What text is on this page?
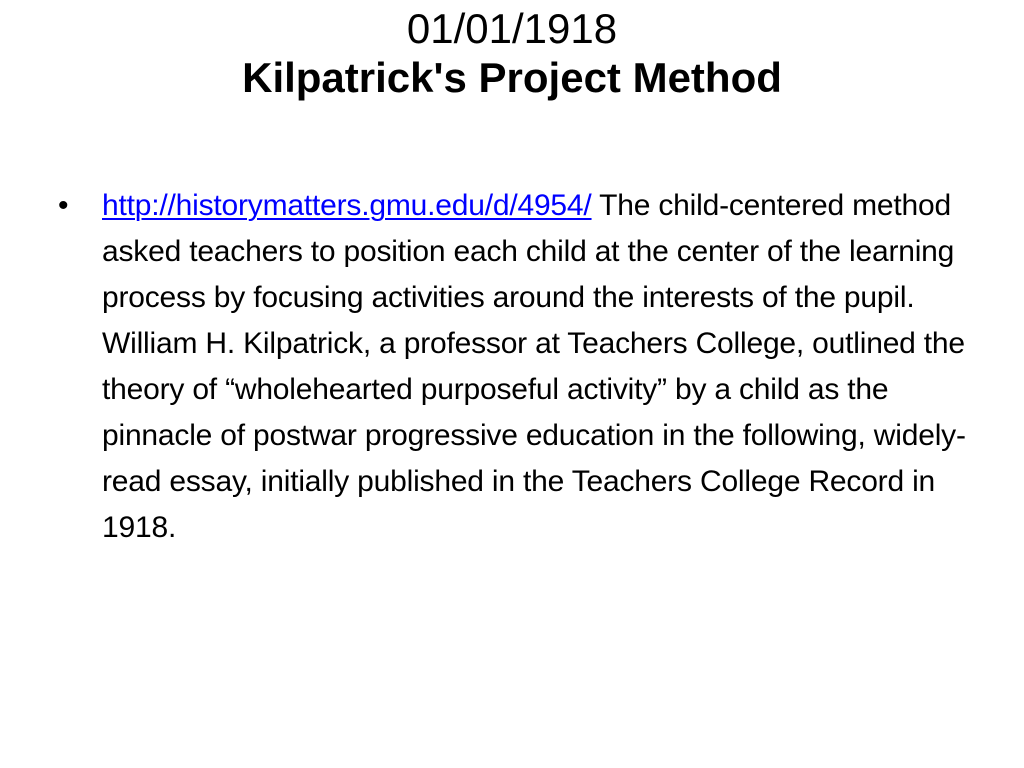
01/01/1918
Kilpatrick's Project Method
•	http://historymatters.gmu.edu/d/4954/ The child-centered method asked teachers to position each child at the center of the learning process by focusing activities around the interests of the pupil. William H. Kilpatrick, a professor at Teachers College, outlined the theory of “wholehearted purposeful activity” by a child as the pinnacle of postwar progressive education in the following, widely-read essay, initially published in the Teachers College Record in 1918.
